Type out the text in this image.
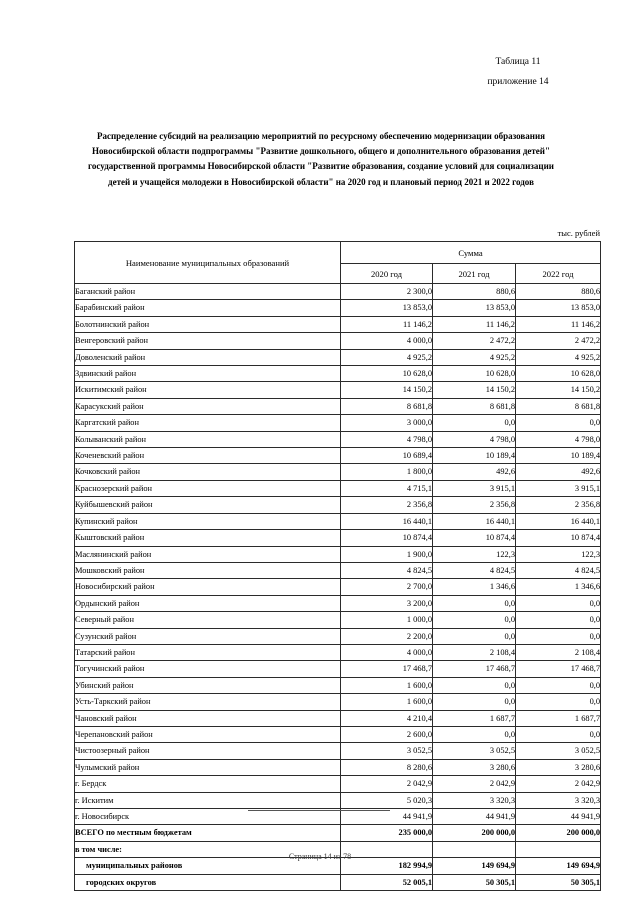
Таблица 11
приложение 14
Распределение субсидий на реализацию мероприятий по ресурсному обеспечению модернизации образования Новосибирской области подпрограммы "Развитие дошкольного, общего и дополнительного образования детей" государственной программы Новосибирской области "Развитие образования, создание условий для социализации детей и учащейся молодежи в Новосибирской области" на 2020 год и плановый период 2021 и 2022 годов
тыс. рублей
Наименование муниципальных образований	Сумма		
	2020 год	2021 год	2022 год
Баганский район	2 300,0	880,6	880,6
Барабинский район	13 853,0	13 853,0	13 853,0
Болотнинский район	11 146,2	11 146,2	11 146,2
Венгеровский район	4 000,0	2 472,2	2 472,2
Доволенский район	4 925,2	4 925,2	4 925,2
Здвинский район	10 628,0	10 628,0	10 628,0
Искитимский район	14 150,2	14 150,2	14 150,2
Карасукский район	8 681,8	8 681,8	8 681,8
Каргатский район	3 000,0	0,0	0,0
Колыванский район	4 798,0	4 798,0	4 798,0
Коченевский район	10 689,4	10 189,4	10 189,4
Кочковский район	1 800,0	492,6	492,6
Краснозерский район	4 715,1	3 915,1	3 915,1
Куйбышевский район	2 356,8	2 356,8	2 356,8
Купинский район	16 440,1	16 440,1	16 440,1
Кыштовский район	10 874,4	10 874,4	10 874,4
Маслянинский район	1 900,0	122,3	122,3
Мошковский район	4 824,5	4 824,5	4 824,5
Новосибирский район	2 700,0	1 346,6	1 346,6
Ордынский район	3 200,0	0,0	0,0
Северный район	1 000,0	0,0	0,0
Сузунский район	2 200,0	0,0	0,0
Татарский район	4 000,0	2 108,4	2 108,4
Тогучинский район	17 468,7	17 468,7	17 468,7
Убинский район	1 600,0	0,0	0,0
Усть-Таркский район	1 600,0	0,0	0,0
Чановский район	4 210,4	1 687,7	1 687,7
Черепановский район	2 600,0	0,0	0,0
Чистоозерный район	3 052,5	3 052,5	3 052,5
Чулымский район	8 280,6	3 280,6	3 280,6
г. Бердск	2 042,9	2 042,9	2 042,9
г. Искитим	5 020,3	3 320,3	3 320,3
г. Новосибирск	44 941,9	44 941,9	44 941,9
ВСЕГО по местным бюджетам	235 000,0	200 000,0	200 000,0
в том числе:			
муниципальных районов	182 994,9	149 694,9	149 694,9
городских округов	52 005,1	50 305,1	50 305,1
Страница 14 из 78
